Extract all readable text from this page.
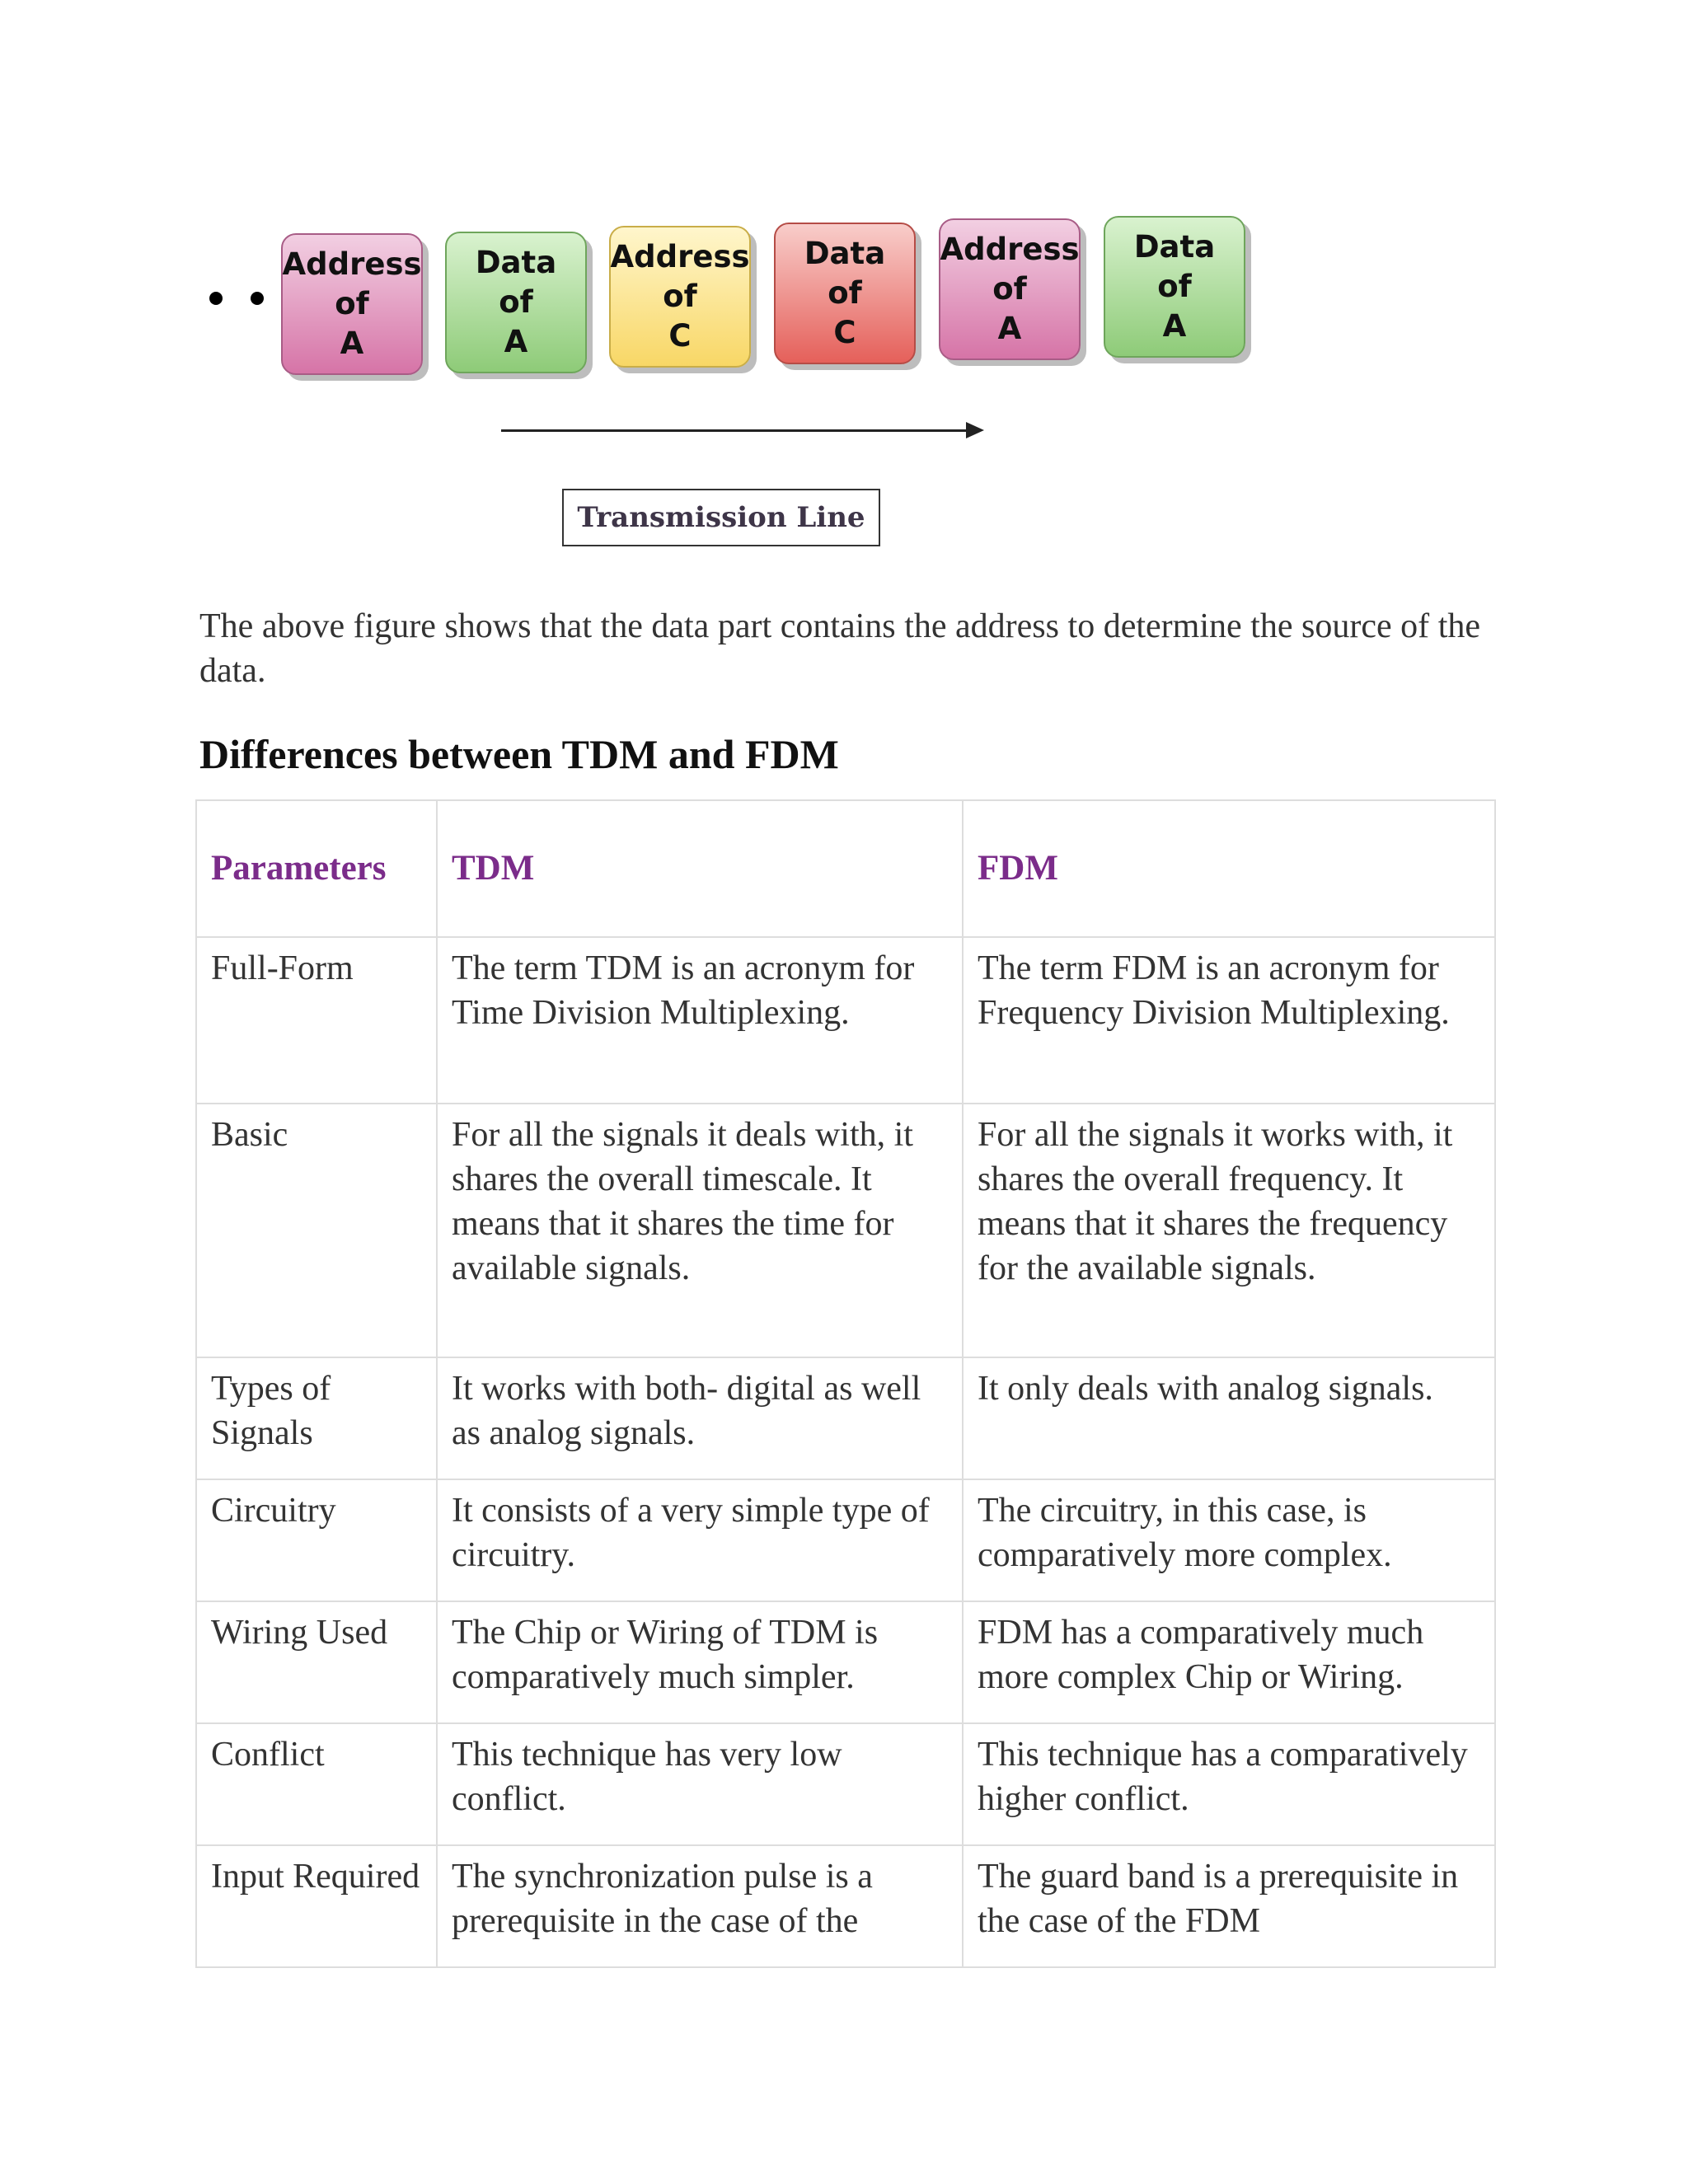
Address
of
A
Data
of
A
Address
of
C
Data
of
C
Address
of
A
Data
of
A
Transmission Line

The above figure shows that the data part contains the address to determine the source of the data.

Differences between TDM and FDM
Parameters	TDM	FDM
Full-Form	The term TDM is an acronym for Time Division Multiplexing.	The term FDM is an acronym for Frequency Division Multiplexing.
Basic	For all the signals it deals with, it shares the overall timescale. It means that it shares the time for available signals.	For all the signals it works with, it shares the overall frequency. It means that it shares the frequency for the available signals.
Types of Signals	It works with both- digital as well as analog signals.	It only deals with analog signals.
Circuitry	It consists of a very simple type of circuitry.	The circuitry, in this case, is comparatively more complex.
Wiring Used	The Chip or Wiring of TDM is comparatively much simpler.	FDM has a comparatively much more complex Chip or Wiring.
Conflict	This technique has very low conflict.	This technique has a comparatively higher conflict.
Input Required	The synchronization pulse is a prerequisite in the case of the	The guard band is a prerequisite in the case of the FDM
